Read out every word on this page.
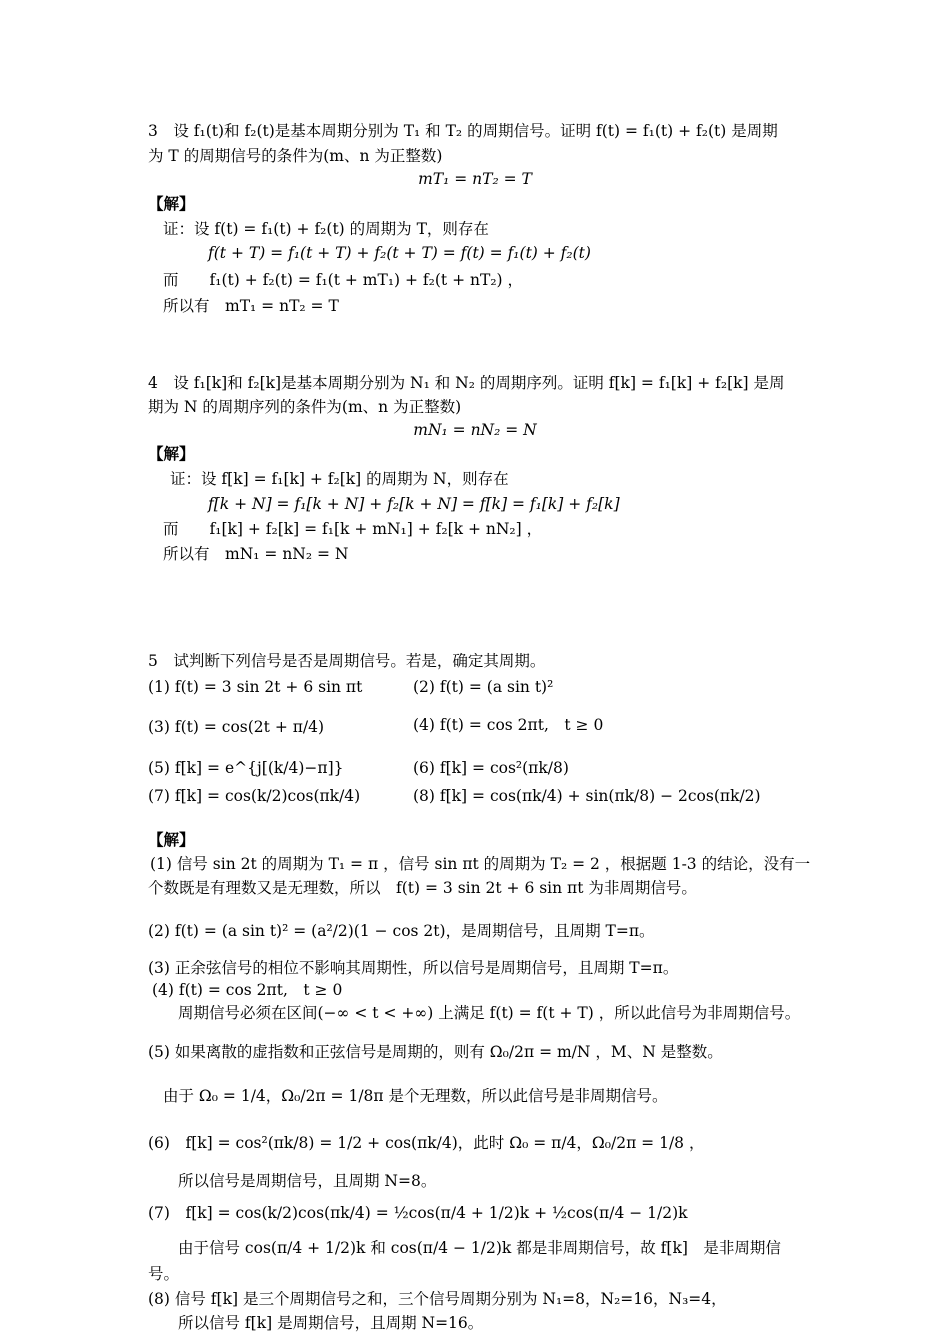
3　设 f₁(t)和 f₂(t)是基本周期分别为 T₁ 和 T₂ 的周期信号。证明 f(t) = f₁(t) + f₂(t) 是周期
为 T 的周期信号的条件为(m、n 为正整数)
mT₁ = nT₂ = T
【解】
证：设 f(t) = f₁(t) + f₂(t) 的周期为 T，则存在
f(t + T) = f₁(t + T) + f₂(t + T) = f(t) = f₁(t) + f₂(t)
而　　f₁(t) + f₂(t) = f₁(t + mT₁) + f₂(t + nT₂) ，
所以有　mT₁ = nT₂ = T
4　设 f₁[k]和 f₂[k]是基本周期分别为 N₁ 和 N₂ 的周期序列。证明 f[k] = f₁[k] + f₂[k] 是周
期为 N 的周期序列的条件为(m、n 为正整数)
mN₁ = nN₂ = N
【解】
证：设 f[k] = f₁[k] + f₂[k] 的周期为 N，则存在
f[k + N] = f₁[k + N] + f₂[k + N] = f[k] = f₁[k] + f₂[k]
而　　f₁[k] + f₂[k] = f₁[k + mN₁] + f₂[k + nN₂] ，
所以有　mN₁ = nN₂ = N
5　试判断下列信号是否是周期信号。若是，确定其周期。
(1) f(t) = 3 sin 2t + 6 sin πt	(2) f(t) = (a sin t)²
(3) f(t) = cos(2t + π/4)	(4) f(t) = cos 2πt,　t ≥ 0
(5) f[k] = e^{j[(k/4)−π]}	(6) f[k] = cos²(πk/8)
(7) f[k] = cos(k/2)cos(πk/4)	(8) f[k] = cos(πk/4) + sin(πk/8) − 2cos(πk/2)
【解】
(1) 信号 sin 2t 的周期为 T₁ = π ，信号 sin πt 的周期为 T₂ = 2 ，根据题 1-3 的结论，没有一
个数既是有理数又是无理数，所以　f(t) = 3 sin 2t + 6 sin πt 为非周期信号。
(2) f(t) = (a sin t)² = (a²/2)(1 − cos 2t)，是周期信号，且周期 T=π。
(3) 正余弦信号的相位不影响其周期性，所以信号是周期信号，且周期 T=π。
(4) f(t) = cos 2πt,　t ≥ 0
周期信号必须在区间(−∞ < t < +∞) 上满足 f(t) = f(t + T) ，所以此信号为非周期信号。
(5) 如果离散的虚指数和正弦信号是周期的，则有 Ω₀/2π = m/N ，M、N 是整数。
由于 Ω₀ = 1/4，Ω₀/2π = 1/8π 是个无理数，所以此信号是非周期信号。
(6)　f[k] = cos²(πk/8) = 1/2 + cos(πk/4)，此时 Ω₀ = π/4，Ω₀/2π = 1/8 ，
所以信号是周期信号，且周期 N=8。
(7)　f[k] = cos(k/2)cos(πk/4) = ½cos(π/4 + 1/2)k + ½cos(π/4 − 1/2)k
由于信号 cos(π/4 + 1/2)k 和 cos(π/4 − 1/2)k 都是非周期信号，故 f[k]　是非周期信
号。
(8) 信号 f[k] 是三个周期信号之和，三个信号周期分别为 N₁=8，N₂=16，N₃=4，
所以信号 f[k] 是周期信号，且周期 N=16。
